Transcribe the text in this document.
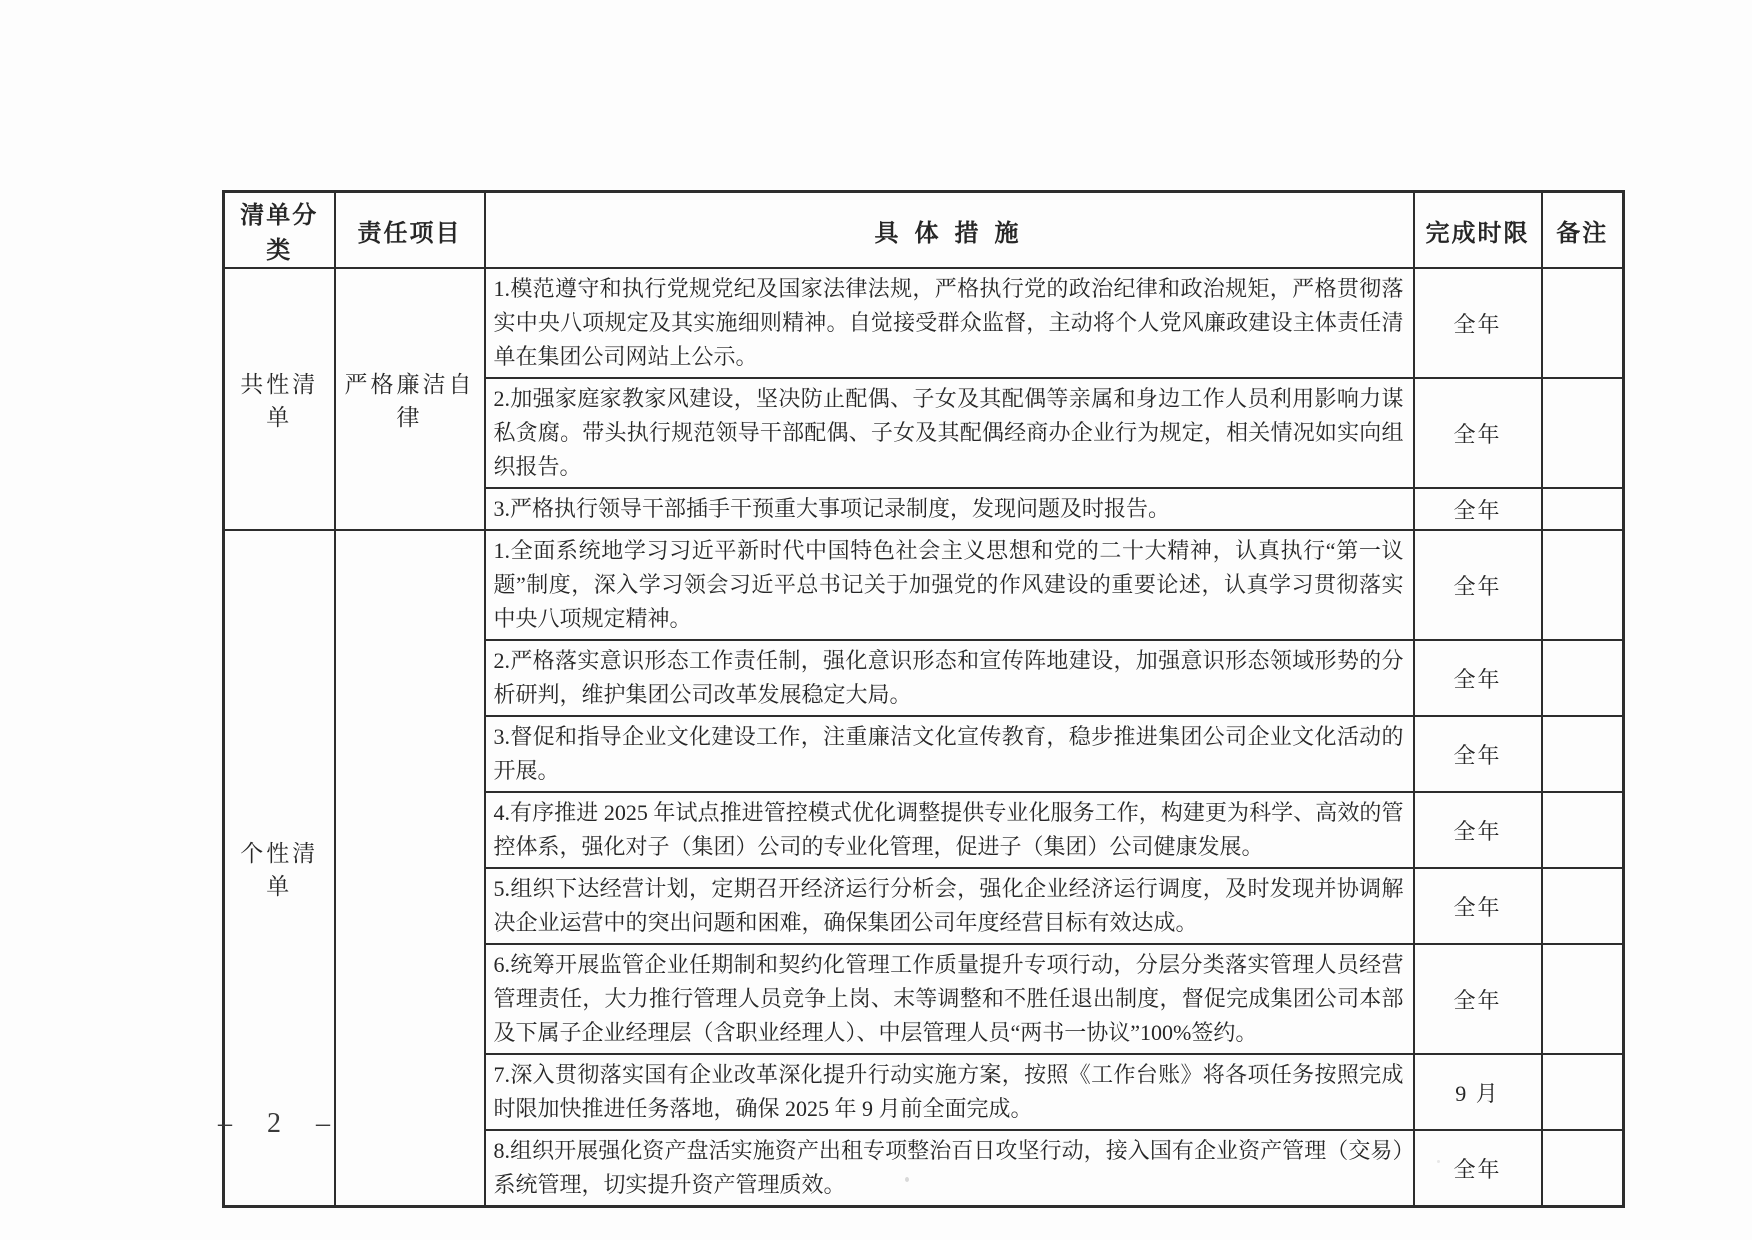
清单分类	责任项目	具 体 措 施	完成时限	备注
共性清单	严格廉洁自律	1.模范遵守和执行党规党纪及国家法律法规，严格执行党的政治纪律和政治规矩，严格贯彻落实中央八项规定及其实施细则精神。自觉接受群众监督，主动将个人党风廉政建设主体责任清单在集团公司网站上公示。	全年	
		2.加强家庭家教家风建设，坚决防止配偶、子女及其配偶等亲属和身边工作人员利用影响力谋私贪腐。带头执行规范领导干部配偶、子女及其配偶经商办企业行为规定，相关情况如实向组织报告。	全年	
		3.严格执行领导干部插手干预重大事项记录制度，发现问题及时报告。	全年	
个性清单		1.全面系统地学习习近平新时代中国特色社会主义思想和党的二十大精神，认真执行“第一议题”制度，深入学习领会习近平总书记关于加强党的作风建设的重要论述，认真学习贯彻落实中央八项规定精神。	全年	
		2.严格落实意识形态工作责任制，强化意识形态和宣传阵地建设，加强意识形态领域形势的分析研判，维护集团公司改革发展稳定大局。	全年	
		3.督促和指导企业文化建设工作，注重廉洁文化宣传教育，稳步推进集团公司企业文化活动的开展。	全年	
		4.有序推进 2025 年试点推进管控模式优化调整提供专业化服务工作，构建更为科学、高效的管控体系，强化对子（集团）公司的专业化管理，促进子（集团）公司健康发展。	全年	
		5.组织下达经营计划，定期召开经济运行分析会，强化企业经济运行调度，及时发现并协调解决企业运营中的突出问题和困难，确保集团公司年度经营目标有效达成。	全年	
		6.统筹开展监管企业任期制和契约化管理工作质量提升专项行动，分层分类落实管理人员经营管理责任，大力推行管理人员竞争上岗、末等调整和不胜任退出制度，督促完成集团公司本部及下属子企业经理层（含职业经理人）、中层管理人员“两书一协议”100%签约。	全年	
		7.深入贯彻落实国有企业改革深化提升行动实施方案，按照《工作台账》将各项任务按照完成时限加快推进任务落地，确保 2025 年 9 月前全面完成。	9 月	
		8.组织开展强化资产盘活实施资产出租专项整治百日攻坚行动，接入国有企业资产管理（交易）系统管理，切实提升资产管理质效。	全年	
– 2 –
